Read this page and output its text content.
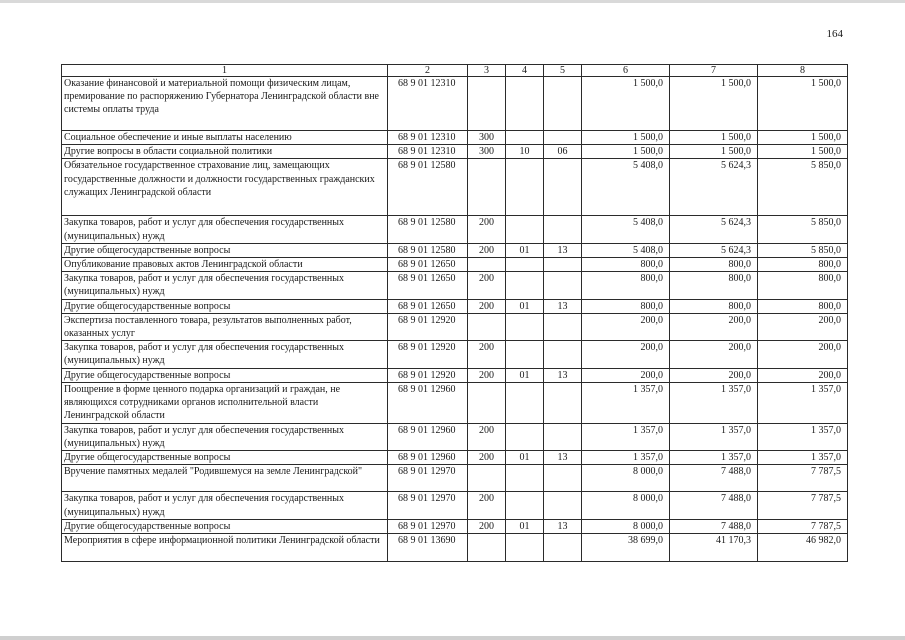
164
1	2	3	4	5	6	7	8
Оказание финансовой и материальной помощи физическим лицам, премирование по распоряжению Губернатора Ленинградской области вне системы оплаты труда	68 9 01 12310				1 500,0	1 500,0	1 500,0
Социальное обеспечение и иные выплаты населению	68 9 01 12310	300			1 500,0	1 500,0	1 500,0
Другие вопросы в области социальной политики	68 9 01 12310	300	10	06	1 500,0	1 500,0	1 500,0
Обязательное государственное страхование лиц, замещающих государственные должности и должности государственных гражданских служащих Ленинградской области	68 9 01 12580				5 408,0	5 624,3	5 850,0
Закупка товаров, работ и услуг для обеспечения государственных (муниципальных) нужд	68 9 01 12580	200			5 408,0	5 624,3	5 850,0
Другие общегосударственные вопросы	68 9 01 12580	200	01	13	5 408,0	5 624,3	5 850,0
Опубликование правовых актов Ленинградской области	68 9 01 12650				800,0	800,0	800,0
Закупка товаров, работ и услуг для обеспечения государственных (муниципальных) нужд	68 9 01 12650	200			800,0	800,0	800,0
Другие общегосударственные вопросы	68 9 01 12650	200	01	13	800,0	800,0	800,0
Экспертиза поставленного товара, результатов выполненных работ, оказанных услуг	68 9 01 12920				200,0	200,0	200,0
Закупка товаров, работ и услуг для обеспечения государственных (муниципальных) нужд	68 9 01 12920	200			200,0	200,0	200,0
Другие общегосударственные вопросы	68 9 01 12920	200	01	13	200,0	200,0	200,0
Поощрение в форме ценного подарка организаций и граждан, не являющихся сотрудниками органов исполнительной власти Ленинградской области	68 9 01 12960				1 357,0	1 357,0	1 357,0
Закупка товаров, работ и услуг для обеспечения государственных (муниципальных) нужд	68 9 01 12960	200			1 357,0	1 357,0	1 357,0
Другие общегосударственные вопросы	68 9 01 12960	200	01	13	1 357,0	1 357,0	1 357,0
Вручение памятных медалей "Родившемуся на земле Ленинградской"	68 9 01 12970				8 000,0	7 488,0	7 787,5
Закупка товаров, работ и услуг для обеспечения государственных (муниципальных) нужд	68 9 01 12970	200			8 000,0	7 488,0	7 787,5
Другие общегосударственные вопросы	68 9 01 12970	200	01	13	8 000,0	7 488,0	7 787,5
Мероприятия в сфере информационной политики Ленинградской области	68 9 01 13690				38 699,0	41 170,3	46 982,0
